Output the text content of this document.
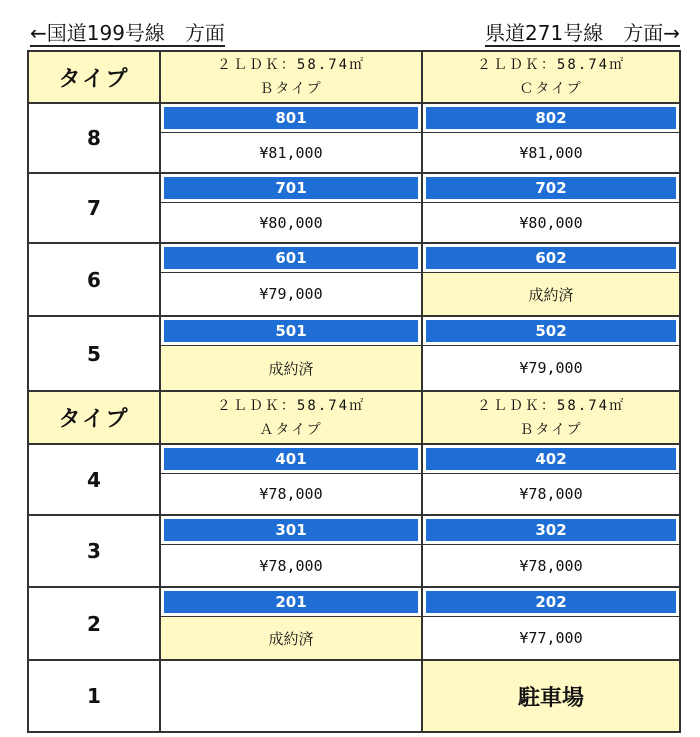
←国道199号線　方面	県道271号線　方面→
タイプ
２ＬＤＫ：58.74㎡
Ｂタイプ
２ＬＤＫ：58.74㎡
Ｃタイプ
8
801
¥81,000
802
¥81,000
7
701
¥80,000
702
¥80,000
6
601
¥79,000
602
成約済
5
501
成約済
502
¥79,000
タイプ
２ＬＤＫ：58.74㎡
Ａタイプ
２ＬＤＫ：58.74㎡
Ｂタイプ
4
401
¥78,000
402
¥78,000
3
301
¥78,000
302
¥78,000
2
201
成約済
202
¥77,000
1	駐車場
